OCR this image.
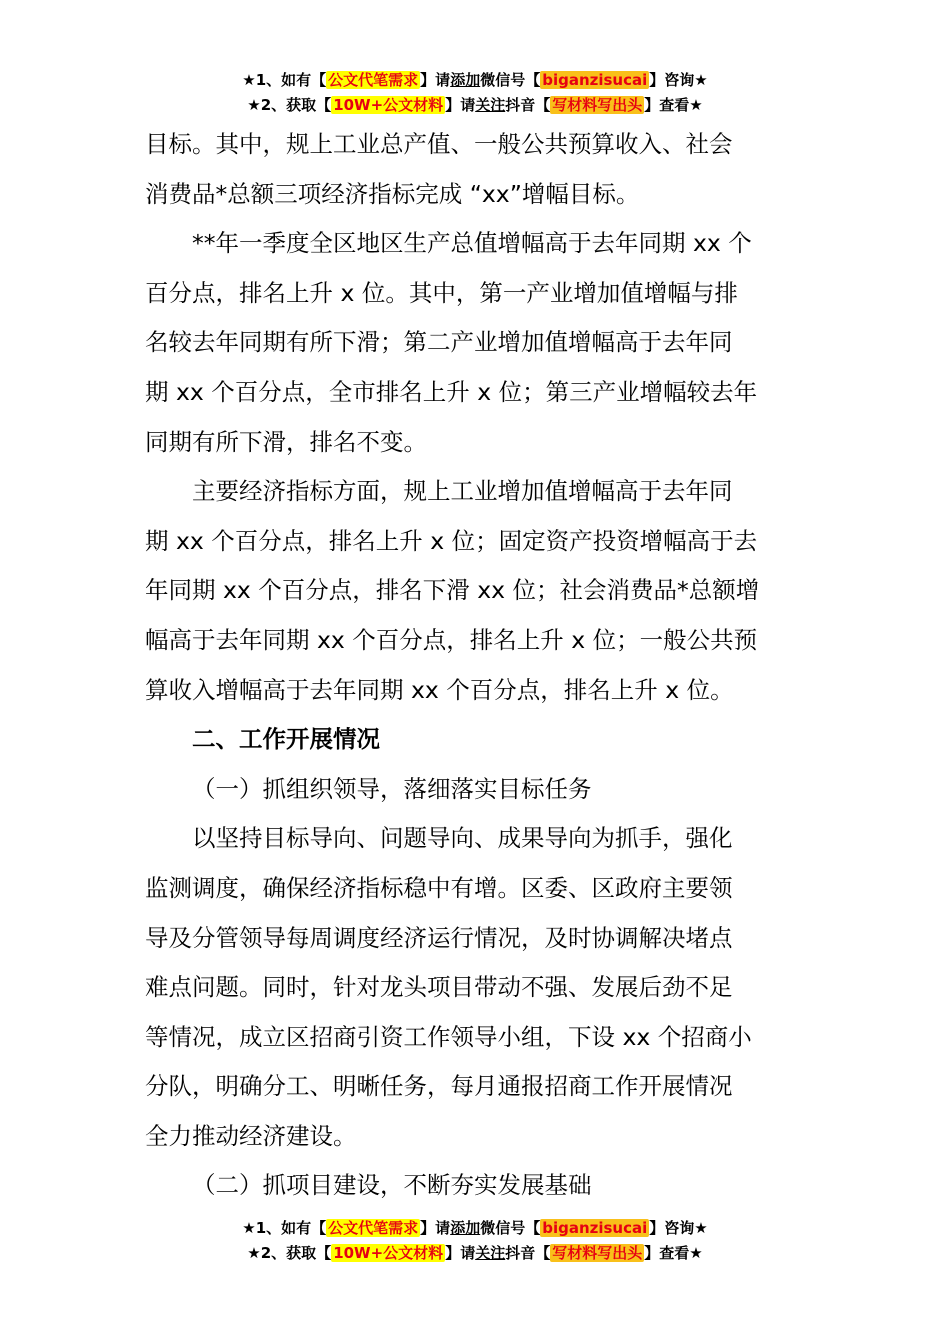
★1、如有【 公文代笔需求 】请添加微信号【 biganzisucai 】咨询★
★2、获取【 10W+公文材料 】请关注抖音【 写材料写出头 】查看★

目标。其中，规上工业总产值、一般公共预算收入、社会

消费品*总额三项经济指标完成 “xx”增幅目标。

**年一季度全区地区生产总值增幅高于去年同期 xx 个

百分点，排名上升 x 位。其中，第一产业增加值增幅与排

名较去年同期有所下滑；第二产业增加值增幅高于去年同

期 xx 个百分点，全市排名上升 x 位；第三产业增幅较去年

同期有所下滑，排名不变。

主要经济指标方面，规上工业增加值增幅高于去年同

期 xx 个百分点，排名上升 x 位；固定资产投资增幅高于去

年同期 xx 个百分点，排名下滑 xx 位；社会消费品*总额增

幅高于去年同期 xx 个百分点，排名上升 x 位；一般公共预

算收入增幅高于去年同期 xx 个百分点，排名上升 x 位。

二、工作开展情况

（一）抓组织领导，落细落实目标任务

以坚持目标导向、问题导向、成果导向为抓手，强化

监测调度，确保经济指标稳中有增。区委、区政府主要领

导及分管领导每周调度经济运行情况，及时协调解决堵点

难点问题。同时，针对龙头项目带动不强、发展后劲不足

等情况，成立区招商引资工作领导小组，下设 xx 个招商小

分队，明确分工、明晰任务，每月通报招商工作开展情况

全力推动经济建设。

（二）抓项目建设，不断夯实发展基础

★1、如有【 公文代笔需求 】请添加微信号【 biganzisucai 】咨询★
★2、获取【 10W+公文材料 】请关注抖音【 写材料写出头 】查看★
